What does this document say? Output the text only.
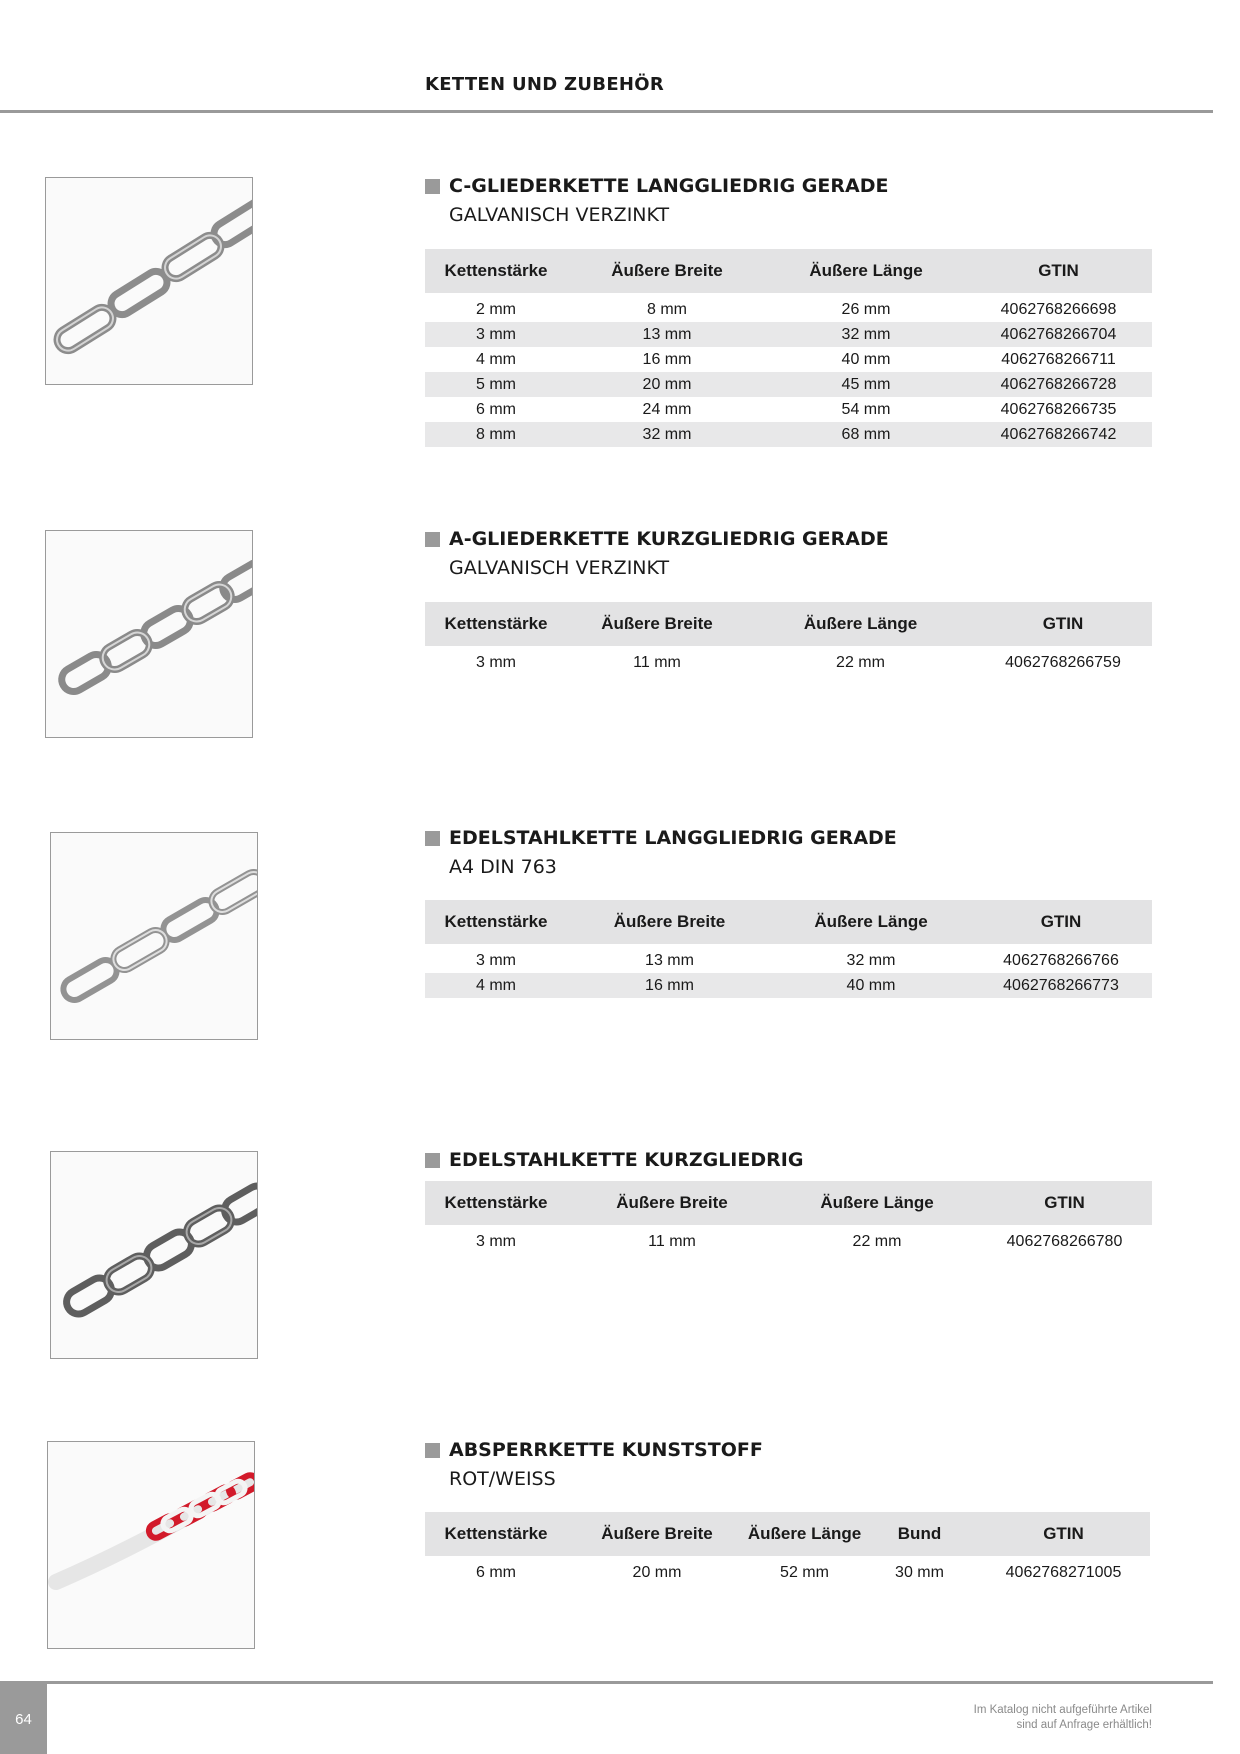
KETTEN UND ZUBEHÖR
C-GLIEDERKETTE LANGGLIEDRIG GERADE
GALVANISCH VERZINKT
Kettenstärke	Äußere Breite	Äußere Länge	GTIN
2 mm	8 mm	26 mm	4062768266698
3 mm	13 mm	32 mm	4062768266704
4 mm	16 mm	40 mm	4062768266711
5 mm	20 mm	45 mm	4062768266728
6 mm	24 mm	54 mm	4062768266735
8 mm	32 mm	68 mm	4062768266742
A-GLIEDERKETTE KURZGLIEDRIG GERADE
GALVANISCH VERZINKT
Kettenstärke	Äußere Breite	Äußere Länge	GTIN
3 mm	11 mm	22 mm	4062768266759
EDELSTAHLKETTE LANGGLIEDRIG GERADE
A4 DIN 763
Kettenstärke	Äußere Breite	Äußere Länge	GTIN
3 mm	13 mm	32 mm	4062768266766
4 mm	16 mm	40 mm	4062768266773
EDELSTAHLKETTE KURZGLIEDRIG
Kettenstärke	Äußere Breite	Äußere Länge	GTIN
3 mm	11 mm	22 mm	4062768266780
ABSPERRKETTE KUNSTSTOFF
ROT/WEISS
Kettenstärke	Äußere Breite	Äußere Länge	Bund	GTIN
6 mm	20 mm	52 mm	30 mm	4062768271005
64
Im Katalog nicht aufgeführte Artikel
sind auf Anfrage erhältlich!
